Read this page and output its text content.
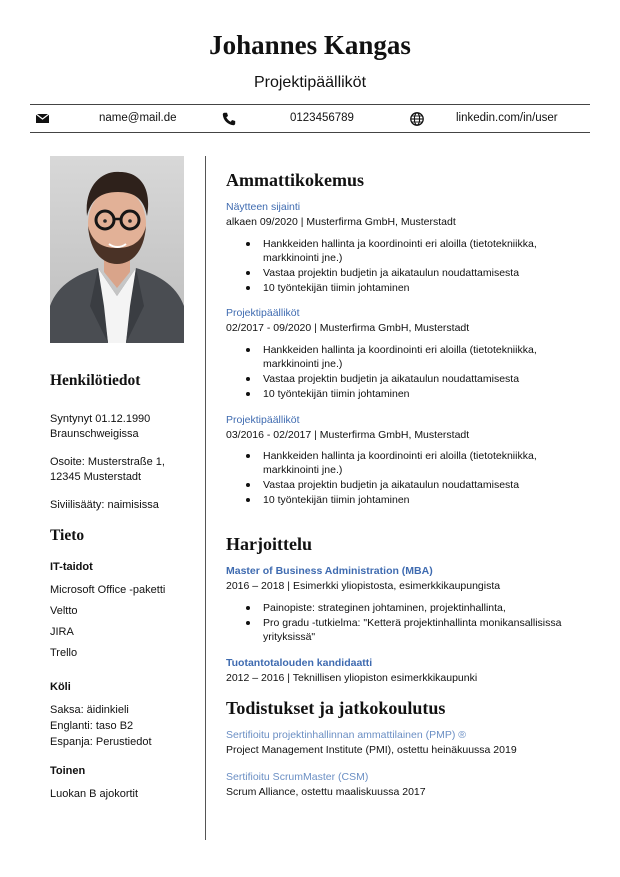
Johannes Kangas
Projektipäälliköt
name@mail.de	0123456789	linkedin.com/in/user
Henkilötiedot
Syntynyt 01.12.1990
Braunschweigissa
Osoite: Musterstraße 1,
12345 Musterstadt
Siviilisääty: naimisissa
Tieto
IT-taidot
Microsoft Office -paketti
Veltto
JIRA
Trello
Köli
Saksa: äidinkieli
Englanti: taso B2
Espanja: Perustiedot
Toinen
Luokan B ajokortit
Ammattikokemus
Näytteen sijainti
alkaen 09/2020 | Musterfirma GmbH, Musterstadt
Hankkeiden hallinta ja koordinointi eri aloilla (tietotekniikka, markkinointi jne.)
Vastaa projektin budjetin ja aikataulun noudattamisesta
10 työntekijän tiimin johtaminen
Projektipäälliköt
02/2017 - 09/2020 | Musterfirma GmbH, Musterstadt
Hankkeiden hallinta ja koordinointi eri aloilla (tietotekniikka, markkinointi jne.)
Vastaa projektin budjetin ja aikataulun noudattamisesta
10 työntekijän tiimin johtaminen
Projektipäälliköt
03/2016 - 02/2017 | Musterfirma GmbH, Musterstadt
Hankkeiden hallinta ja koordinointi eri aloilla (tietotekniikka, markkinointi jne.)
Vastaa projektin budjetin ja aikataulun noudattamisesta
10 työntekijän tiimin johtaminen
Harjoittelu
Master of Business Administration (MBA)
2016 – 2018 | Esimerkki yliopistosta, esimerkkikaupungista
Painopiste: strateginen johtaminen, projektinhallinta,
Pro gradu -tutkielma: "Ketterä projektinhallinta monikansallisissa yrityksissä"
Tuotantotalouden kandidaatti
2012 – 2016 | Teknillisen yliopiston esimerkkikaupunki
Todistukset ja jatkokoulutus
Sertifioitu projektinhallinnan ammattilainen (PMP) ®
Project Management Institute (PMI), ostettu heinäkuussa 2019
Sertifioitu ScrumMaster (CSM)
Scrum Alliance, ostettu maaliskuussa 2017
